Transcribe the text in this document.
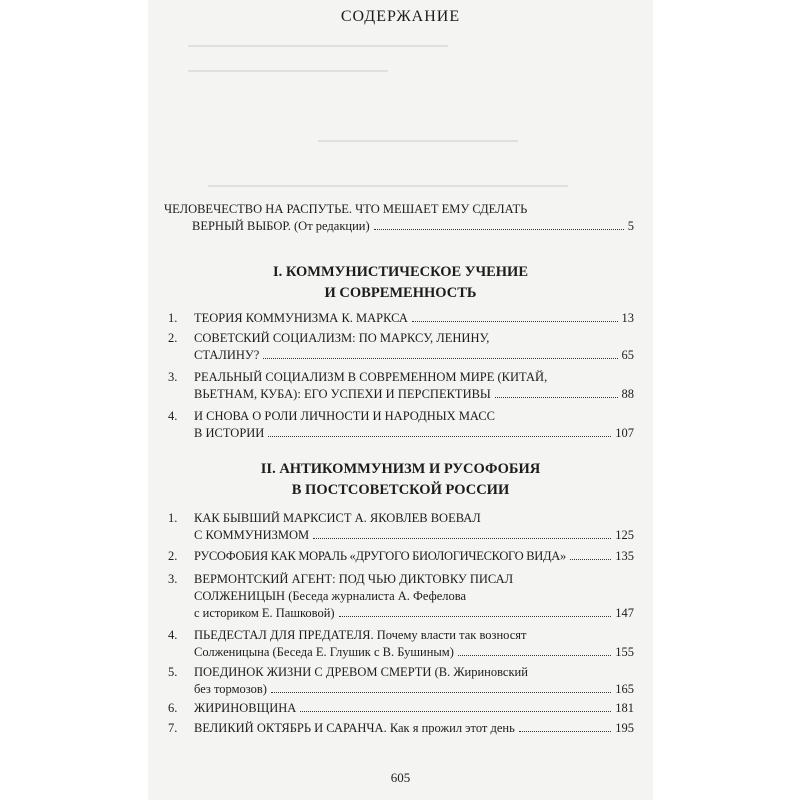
СОДЕРЖАНИЕ
ЧЕЛОВЕЧЕСТВО НА РАСПУТЬЕ. ЧТО МЕШАЕТ ЕМУ СДЕЛАТЬ
ВЕРНЫЙ ВЫБОР. (От редакции)	5
I. КОММУНИСТИЧЕСКОЕ УЧЕНИЕ
И СОВРЕМЕННОСТЬ
1. ТЕОРИЯ КОММУНИЗМА К. МАРКСА	13
2. СОВЕТСКИЙ СОЦИАЛИЗМ: ПО МАРКСУ, ЛЕНИНУ,
СТАЛИНУ?	65
3. РЕАЛЬНЫЙ СОЦИАЛИЗМ В СОВРЕМЕННОМ МИРЕ (КИТАЙ,
ВЬЕТНАМ, КУБА): ЕГО УСПЕХИ И ПЕРСПЕКТИВЫ	88
4. И СНОВА О РОЛИ ЛИЧНОСТИ И НАРОДНЫХ МАСС
В ИСТОРИИ	107
II. АНТИКОММУНИЗМ И РУСОФОБИЯ
В ПОСТСОВЕТСКОЙ РОССИИ
1. КАК БЫВШИЙ МАРКСИСТ А. ЯКОВЛЕВ ВОЕВАЛ
С КОММУНИЗМОМ	125
2. РУСОФОБИЯ КАК МОРАЛЬ «ДРУГОГО БИОЛОГИЧЕСКОГО ВИДА»	135
3. ВЕРМОНТСКИЙ АГЕНТ: ПОД ЧЬЮ ДИКТОВКУ ПИСАЛ
СОЛЖЕНИЦЫН (Беседа журналиста А. Фефелова
с историком Е. Пашковой)	147
4. ПЬЕДЕСТАЛ ДЛЯ ПРЕДАТЕЛЯ. Почему власти так возносят
Солженицына (Беседа Е. Глушик с В. Бушиным)	155
5. ПОЕДИНОК ЖИЗНИ С ДРЕВОМ СМЕРТИ (В. Жириновский
без тормозов)	165
6. ЖИРИНОВЩИНА	181
7. ВЕЛИКИЙ ОКТЯБРЬ И САРАНЧА. Как я прожил этот день	195
605
